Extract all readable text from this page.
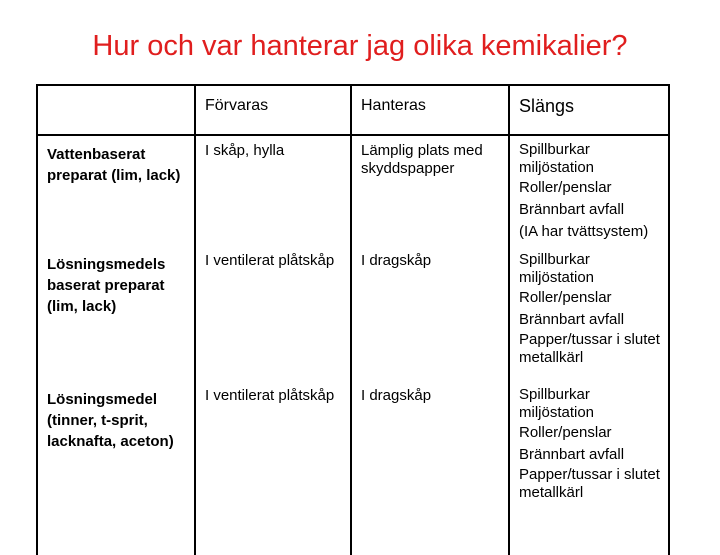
Hur och var hanterar jag olika kemikalier?
	Förvaras	Hanteras	Slängs
Vattenbaserat preparat (lim, lack)	I skåp, hylla	Lämplig plats med skyddspapper	Spillburkar miljöstation
Roller/penslar
Brännbart avfall
(IA har tvättsystem)

Lösningsmedels baserat preparat (lim, lack)	I ventilerat plåtskåp	I dragskåp	Spillburkar miljöstation
Roller/penslar
Brännbart avfall
Papper/tussar i slutet metallkärl

Lösningsmedel (tinner, t-sprit, lacknafta, aceton)	I ventilerat plåtskåp	I dragskåp	Spillburkar miljöstation
Roller/penslar
Brännbart avfall
Papper/tussar i slutet metallkärl
